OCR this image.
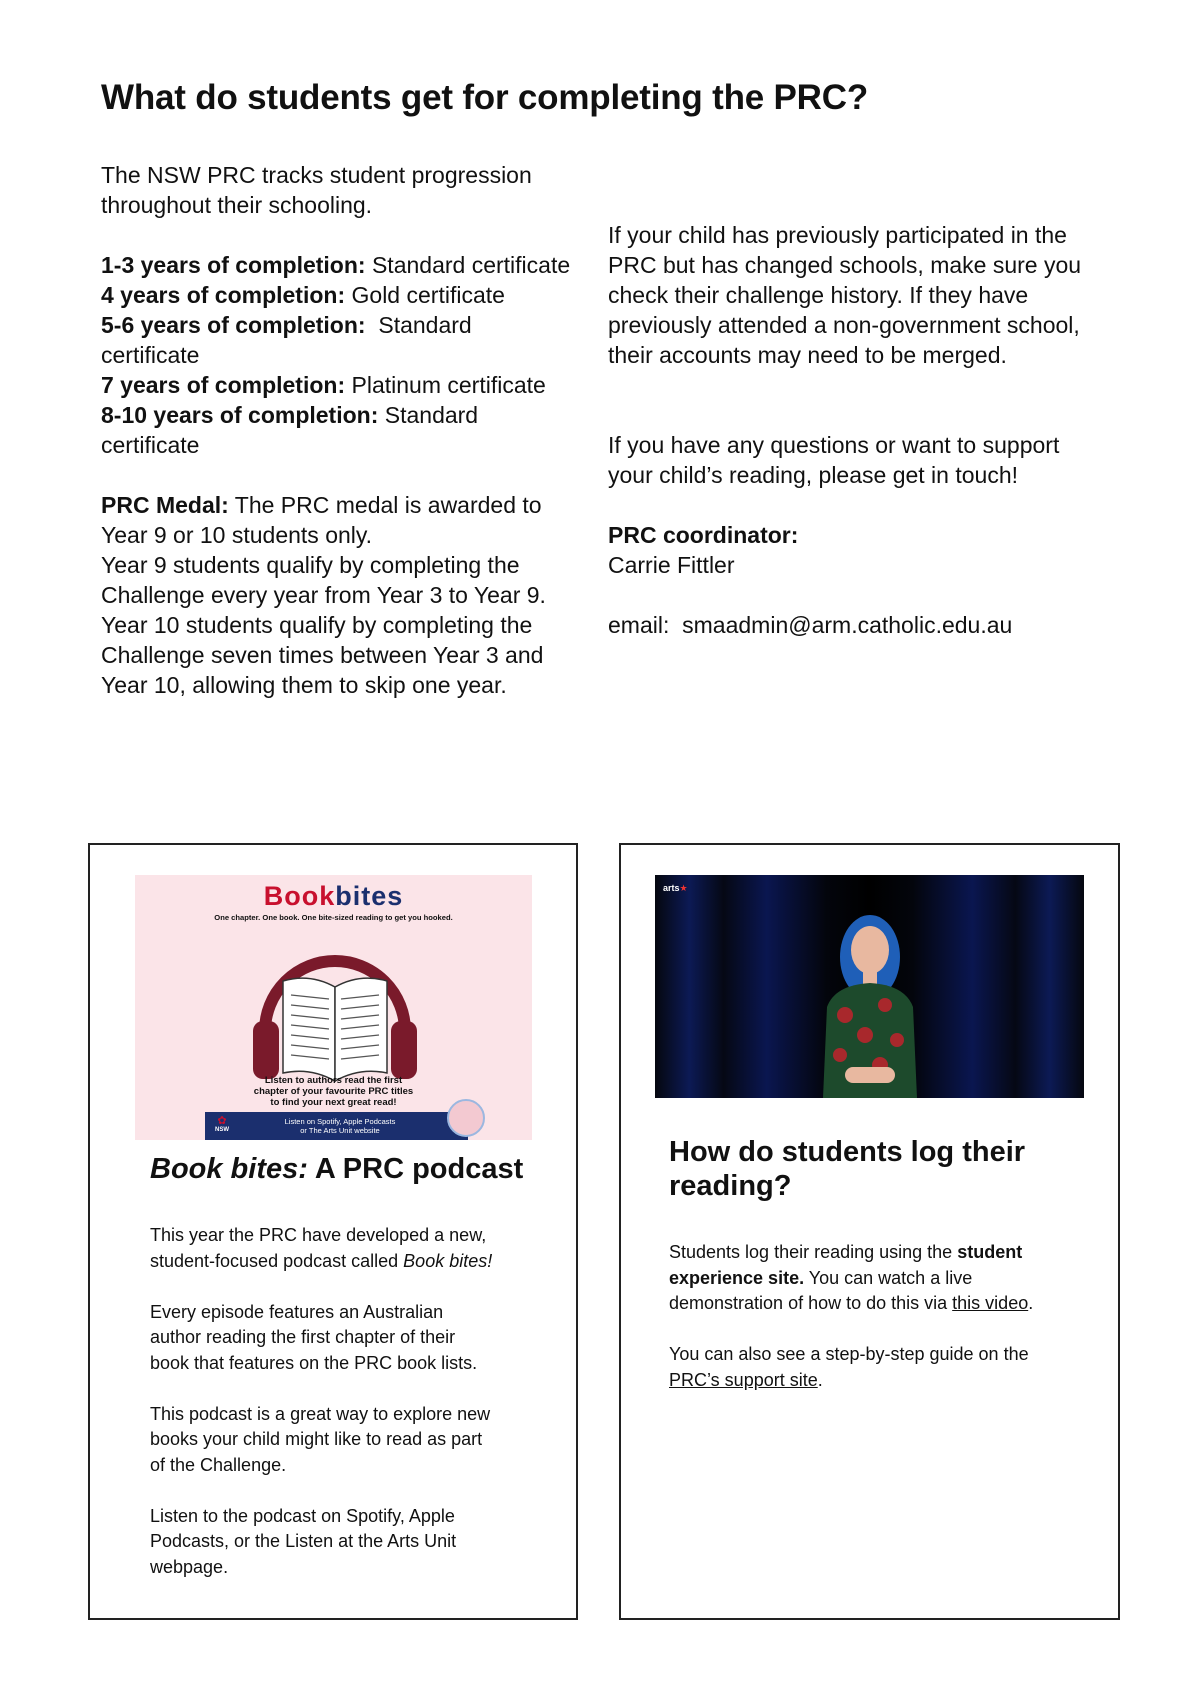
What do students get for completing the PRC?
The NSW PRC tracks student progression
throughout their schooling.

1-3 years of completion: Standard certificate
4 years of completion: Gold certificate
5-6 years of completion:  Standard
certificate
7 years of completion: Platinum certificate
8-10 years of completion: Standard
certificate

PRC Medal: The PRC medal is awarded to
Year 9 or 10 students only.
Year 9 students qualify by completing the
Challenge every year from Year 3 to Year 9.
Year 10 students qualify by completing the
Challenge seven times between Year 3 and
Year 10, allowing them to skip one year.
If your child has previously participated in the
PRC but has changed schools, make sure you
check their challenge history. If they have
previously attended a non-government school,
their accounts may need to be merged.

If you have any questions or want to support
your child’s reading, please get in touch!

PRC coordinator:
Carrie Fittler

email: smaadmin@arm.catholic.edu.au
Bookbites
One chapter. One book. One bite-sized reading to get you hooked.
Listen to authors read the first
chapter of your favourite PRC titles
to find your next great read!
✿
NSW
Listen on Spotify, Apple Podcasts
or The Arts Unit website
Book bites: A PRC podcast
This year the PRC have developed a new,
student-focused podcast called Book bites!

Every episode features an Australian
author reading the first chapter of their
book that features on the PRC book lists.

This podcast is a great way to explore new
books your child might like to read as part
of the Challenge.

Listen to the podcast on Spotify, Apple
Podcasts, or the Listen at the Arts Unit
webpage.
arts★
How do students log their
reading?
Students log their reading using the student
experience site. You can watch a live
demonstration of how to do this via this video.

You can also see a step-by-step guide on the
PRC’s support site.
